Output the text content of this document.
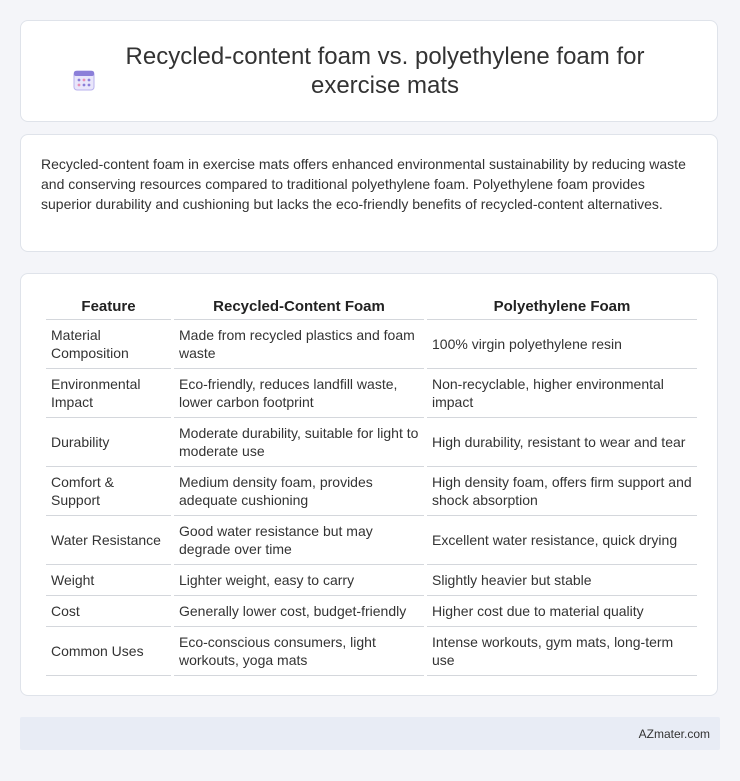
Recycled-content foam vs. polyethylene foam for exercise mats

Recycled-content foam in exercise mats offers enhanced environmental sustainability by reducing waste and conserving resources compared to traditional polyethylene foam. Polyethylene foam provides superior durability and cushioning but lacks the eco-friendly benefits of recycled-content alternatives.

Feature	Recycled-Content Foam	Polyethylene Foam
Material Composition	Made from recycled plastics and foam waste	100% virgin polyethylene resin
Environmental Impact	Eco-friendly, reduces landfill waste, lower carbon footprint	Non-recyclable, higher environmental impact
Durability	Moderate durability, suitable for light to moderate use	High durability, resistant to wear and tear
Comfort & Support	Medium density foam, provides adequate cushioning	High density foam, offers firm support and shock absorption
Water Resistance	Good water resistance but may degrade over time	Excellent water resistance, quick drying
Weight	Lighter weight, easy to carry	Slightly heavier but stable
Cost	Generally lower cost, budget-friendly	Higher cost due to material quality
Common Uses	Eco-conscious consumers, light workouts, yoga mats	Intense workouts, gym mats, long-term use
AZmater.com
